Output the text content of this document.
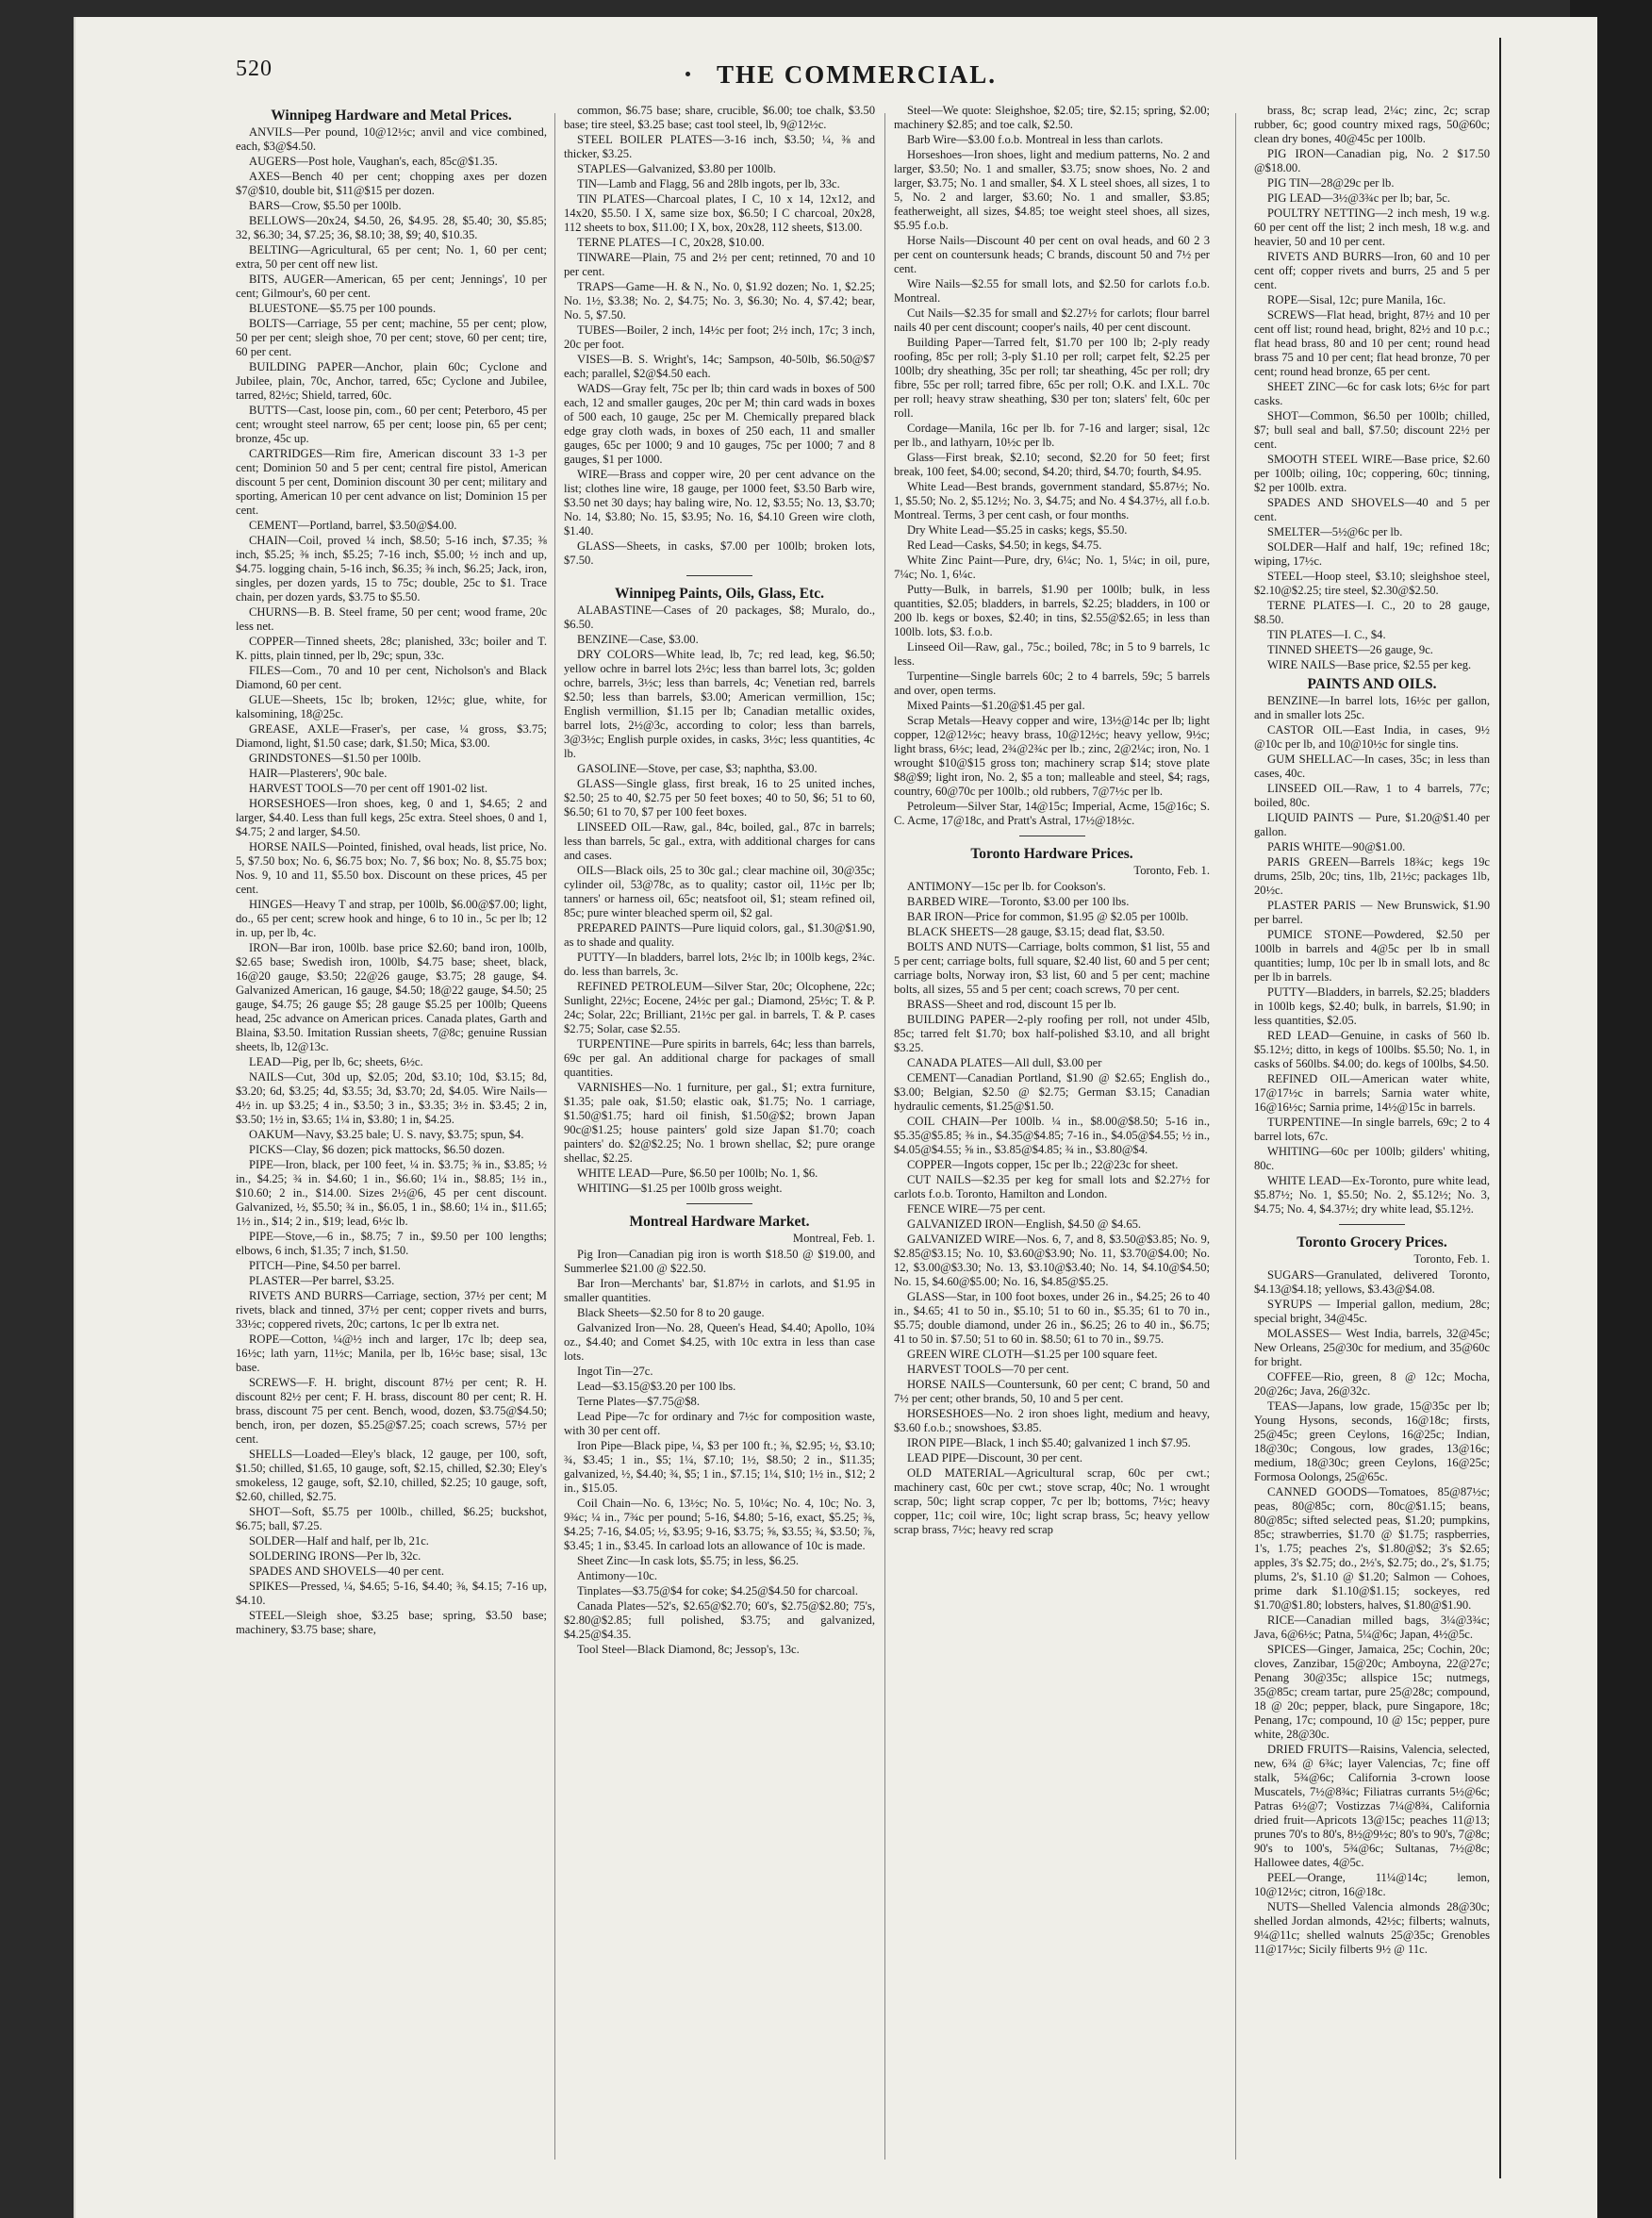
520	THE COMMERCIAL.
Winnipeg Hardware and Metal Prices.

ANVILS—Per pound, 10@12½c; anvil and vice combined, each, $3@$4.50.

AUGERS—Post hole, Vaughan's, each, 85c@$1.35.

AXES—Bench 40 per cent; chopping axes per dozen $7@$10, double bit, $11@$15 per dozen.

BARS—Crow, $5.50 per 100lb.

BELLOWS—20x24, $4.50, 26, $4.95. 28, $5.40; 30, $5.85; 32, $6.30; 34, $7.25; 36, $8.10; 38, $9; 40, $10.35.

BELTING—Agricultural, 65 per cent; No. 1, 60 per cent; extra, 50 per cent off new list.

BITS, AUGER—American, 65 per cent; Jennings', 10 per cent; Gilmour's, 60 per cent.

BLUESTONE—$5.75 per 100 pounds.

BOLTS—Carriage, 55 per cent; machine, 55 per cent; plow, 50 per per cent; sleigh shoe, 70 per cent; stove, 60 per cent; tire, 60 per cent.

BUILDING PAPER—Anchor, plain 60c; Cyclone and Jubilee, plain, 70c, Anchor, tarred, 65c; Cyclone and Jubilee, tarred, 82½c; Shield, tarred, 60c.

BUTTS—Cast, loose pin, com., 60 per cent; Peterboro, 45 per cent; wrought steel narrow, 65 per cent; loose pin, 65 per cent; bronze, 45c up.

CARTRIDGES—Rim fire, American discount 33 1-3 per cent; Dominion 50 and 5 per cent; central fire pistol, American discount 5 per cent, Dominion discount 30 per cent; military and sporting, American 10 per cent advance on list; Dominion 15 per cent.

CEMENT—Portland, barrel, $3.50@$4.00.

CHAIN—Coil, proved ¼ inch, $8.50; 5-16 inch, $7.35; ⅜ inch, $5.25; ⅜ inch, $5.25; 7-16 inch, $5.00; ½ inch and up, $4.75. logging chain, 5-16 inch, $6.35; ⅜ inch, $6.25; Jack, iron, singles, per dozen yards, 15 to 75c; double, 25c to $1. Trace chain, per dozen yards, $3.75 to $5.50.

CHURNS—B. B. Steel frame, 50 per cent; wood frame, 20c less net.

COPPER—Tinned sheets, 28c; planished, 33c; boiler and T. K. pitts, plain tinned, per lb, 29c; spun, 33c.

FILES—Com., 70 and 10 per cent, Nicholson's and Black Diamond, 60 per cent.

GLUE—Sheets, 15c lb; broken, 12½c; glue, white, for kalsomining, 18@25c.

GREASE, AXLE—Fraser's, per case, ¼ gross, $3.75; Diamond, light, $1.50 case; dark, $1.50; Mica, $3.00.

GRINDSTONES—$1.50 per 100lb.

HAIR—Plasterers', 90c bale.

HARVEST TOOLS—70 per cent off 1901-02 list.

HORSESHOES—Iron shoes, keg, 0 and 1, $4.65; 2 and larger, $4.40. Less than full kegs, 25c extra. Steel shoes, 0 and 1, $4.75; 2 and larger, $4.50.

HORSE NAILS—Pointed, finished, oval heads, list price, No. 5, $7.50 box; No. 6, $6.75 box; No. 7, $6 box; No. 8, $5.75 box; Nos. 9, 10 and 11, $5.50 box. Discount on these prices, 45 per cent.

HINGES—Heavy T and strap, per 100lb, $6.00@$7.00; light, do., 65 per cent; screw hook and hinge, 6 to 10 in., 5c per lb; 12 in. up, per lb, 4c.

IRON—Bar iron, 100lb. base price $2.60; band iron, 100lb, $2.65 base; Swedish iron, 100lb, $4.75 base; sheet, black, 16@20 gauge, $3.50; 22@26 gauge, $3.75; 28 gauge, $4. Galvanized American, 16 gauge, $4.50; 18@22 gauge, $4.50; 25 gauge, $4.75; 26 gauge $5; 28 gauge $5.25 per 100lb; Queens head, 25c advance on American prices. Canada plates, Garth and Blaina, $3.50. Imitation Russian sheets, 7@8c; genuine Russian sheets, lb, 12@13c.

LEAD—Pig, per lb, 6c; sheets, 6½c.

NAILS—Cut, 30d up, $2.05; 20d, $3.10; 10d, $3.15; 8d, $3.20; 6d, $3.25; 4d, $3.55; 3d, $3.70; 2d, $4.05. Wire Nails—4½ in. up $3.25; 4 in., $3.50; 3 in., $3.35; 3½ in. $3.45; 2 in, $3.50; 1½ in, $3.65; 1¼ in, $3.80; 1 in, $4.25.

OAKUM—Navy, $3.25 bale; U. S. navy, $3.75; spun, $4.

PICKS—Clay, $6 dozen; pick mattocks, $6.50 dozen.

PIPE—Iron, black, per 100 feet, ¼ in. $3.75; ⅜ in., $3.85; ½ in., $4.25; ¾ in. $4.60; 1 in., $6.60; 1¼ in., $8.85; 1½ in., $10.60; 2 in., $14.00. Sizes 2½@6, 45 per cent discount. Galvanized, ½, $5.50; ¾ in., $6.05, 1 in., $8.60; 1¼ in., $11.65; 1½ in., $14; 2 in., $19; lead, 6½c lb.

PIPE—Stove,—6 in., $8.75; 7 in., $9.50 per 100 lengths; elbows, 6 inch, $1.35; 7 inch, $1.50.

PITCH—Pine, $4.50 per barrel.

PLASTER—Per barrel, $3.25.

RIVETS AND BURRS—Carriage, section, 37½ per cent; M rivets, black and tinned, 37½ per cent; copper rivets and burrs, 33½c; coppered rivets, 20c; cartons, 1c per lb extra net.

ROPE—Cotton, ¼@½ inch and larger, 17c lb; deep sea, 16½c; lath yarn, 11½c; Manila, per lb, 16½c base; sisal, 13c base.

SCREWS—F. H. bright, discount 87½ per cent; R. H. discount 82½ per cent; F. H. brass, discount 80 per cent; R. H. brass, discount 75 per cent. Bench, wood, dozen, $3.75@$4.50; bench, iron, per dozen, $5.25@$7.25; coach screws, 57½ per cent.

SHELLS—Loaded—Eley's black, 12 gauge, per 100, soft, $1.50; chilled, $1.65, 10 gauge, soft, $2.15, chilled, $2.30; Eley's smokeless, 12 gauge, soft, $2.10, chilled, $2.25; 10 gauge, soft, $2.60, chilled, $2.75.

SHOT—Soft, $5.75 per 100lb., chilled, $6.25; buckshot, $6.75; ball, $7.25.

SOLDER—Half and half, per lb, 21c.

SOLDERING IRONS—Per lb, 32c.

SPADES AND SHOVELS—40 per cent.

SPIKES—Pressed, ¼, $4.65; 5-16, $4.40; ⅜, $4.15; 7-16 up, $4.10.

STEEL—Sleigh shoe, $3.25 base; spring, $3.50 base; machinery, $3.75 base; share,

common, $6.75 base; share, crucible, $6.00; toe chalk, $3.50 base; tire steel, $3.25 base; cast tool steel, lb, 9@12½c.

STEEL BOILER PLATES—3-16 inch, $3.50; ¼, ⅜ and thicker, $3.25.

STAPLES—Galvanized, $3.80 per 100lb.

TIN—Lamb and Flagg, 56 and 28lb ingots, per lb, 33c.

TIN PLATES—Charcoal plates, I C, 10 x 14, 12x12, and 14x20, $5.50. I X, same size box, $6.50; I C charcoal, 20x28, 112 sheets to box, $11.00; I X, box, 20x28, 112 sheets, $13.00.

TERNE PLATES—I C, 20x28, $10.00.

TINWARE—Plain, 75 and 2½ per cent; retinned, 70 and 10 per cent.

TRAPS—Game—H. & N., No. 0, $1.92 dozen; No. 1, $2.25; No. 1½, $3.38; No. 2, $4.75; No. 3, $6.30; No. 4, $7.42; bear, No. 5, $7.50.

TUBES—Boiler, 2 inch, 14½c per foot; 2½ inch, 17c; 3 inch, 20c per foot.

VISES—B. S. Wright's, 14c; Sampson, 40-50lb, $6.50@$7 each; parallel, $2@$4.50 each.

WADS—Gray felt, 75c per lb; thin card wads in boxes of 500 each, 12 and smaller gauges, 20c per M; thin card wads in boxes of 500 each, 10 gauge, 25c per M. Chemically prepared black edge gray cloth wads, in boxes of 250 each, 11 and smaller gauges, 65c per 1000; 9 and 10 gauges, 75c per 1000; 7 and 8 gauges, $1 per 1000.

WIRE—Brass and copper wire, 20 per cent advance on the list; clothes line wire, 18 gauge, per 1000 feet, $3.50 Barb wire, $3.50 net 30 days; hay baling wire, No. 12, $3.55; No. 13, $3.70; No. 14, $3.80; No. 15, $3.95; No. 16, $4.10 Green wire cloth, $1.40.

GLASS—Sheets, in casks, $7.00 per 100lb; broken lots, $7.50.

Winnipeg Paints, Oils, Glass, Etc.

ALABASTINE—Cases of 20 packages, $8; Muralo, do., $6.50.

BENZINE—Case, $3.00.

DRY COLORS—White lead, lb, 7c; red lead, keg, $6.50; yellow ochre in barrel lots 2½c; less than barrel lots, 3c; golden ochre, barrels, 3½c; less than barrels, 4c; Venetian red, barrels $2.50; less than barrels, $3.00; American vermillion, 15c; English vermillion, $1.15 per lb; Canadian metallic oxides, barrel lots, 2½@3c, according to color; less than barrels, 3@3½c; English purple oxides, in casks, 3½c; less quantities, 4c lb.

GASOLINE—Stove, per case, $3; naphtha, $3.00.

GLASS—Single glass, first break, 16 to 25 united inches, $2.50; 25 to 40, $2.75 per 50 feet boxes; 40 to 50, $6; 51 to 60, $6.50; 61 to 70, $7 per 100 feet boxes.

LINSEED OIL—Raw, gal., 84c, boiled, gal., 87c in barrels; less than barrels, 5c gal., extra, with additional charges for cans and cases.

OILS—Black oils, 25 to 30c gal.; clear machine oil, 30@35c; cylinder oil, 53@78c, as to quality; castor oil, 11½c per lb; tanners' or harness oil, 65c; neatsfoot oil, $1; steam refined oil, 85c; pure winter bleached sperm oil, $2 gal.

PREPARED PAINTS—Pure liquid colors, gal., $1.30@$1.90, as to shade and quality.

PUTTY—In bladders, barrel lots, 2½c lb; in 100lb kegs, 2¾c. do. less than barrels, 3c.

REFINED PETROLEUM—Silver Star, 20c; Olcophene, 22c; Sunlight, 22½c; Eocene, 24½c per gal.; Diamond, 25½c; T. & P. 24c; Solar, 22c; Brilliant, 21½c per gal. in barrels, T. & P. cases $2.75; Solar, case $2.55.

TURPENTINE—Pure spirits in barrels, 64c; less than barrels, 69c per gal. An additional charge for packages of small quantities.

VARNISHES—No. 1 furniture, per gal., $1; extra furniture, $1.35; pale oak, $1.50; elastic oak, $1.75; No. 1 carriage, $1.50@$1.75; hard oil finish, $1.50@$2; brown Japan 90c@$1.25; house painters' gold size Japan $1.70; coach painters' do. $2@$2.25; No. 1 brown shellac, $2; pure orange shellac, $2.25.

WHITE LEAD—Pure, $6.50 per 100lb; No. 1, $6.

WHITING—$1.25 per 100lb gross weight.

Montreal Hardware Market.
Montreal, Feb. 1.

Pig Iron—Canadian pig iron is worth $18.50 @ $19.00, and Summerlee $21.00 @ $22.50.

Bar Iron—Merchants' bar, $1.87½ in carlots, and $1.95 in smaller quantities.

Black Sheets—$2.50 for 8 to 20 gauge.

Galvanized Iron—No. 28, Queen's Head, $4.40; Apollo, 10¾ oz., $4.40; and Comet $4.25, with 10c extra in less than case lots.

Ingot Tin—27c.

Lead—$3.15@$3.20 per 100 lbs.

Terne Plates—$7.75@$8.

Lead Pipe—7c for ordinary and 7½c for composition waste, with 30 per cent off.

Iron Pipe—Black pipe, ¼, $3 per 100 ft.; ⅜, $2.95; ½, $3.10; ¾, $3.45; 1 in., $5; 1¼, $7.10; 1½, $8.50; 2 in., $11.35; galvanized, ½, $4.40; ¾, $5; 1 in., $7.15; 1¼, $10; 1½ in., $12; 2 in., $15.05.

Coil Chain—No. 6, 13½c; No. 5, 10¼c; No. 4, 10c; No. 3, 9¾c; ¼ in., 7¾c per pound; 5-16, $4.80; 5-16, exact, $5.25; ⅜, $4.25; 7-16, $4.05; ½, $3.95; 9-16, $3.75; ⅝, $3.55; ¾, $3.50; ⅞, $3.45; 1 in., $3.45. In carload lots an allowance of 10c is made.

Sheet Zinc—In cask lots, $5.75; in less, $6.25.

Antimony—10c.

Tinplates—$3.75@$4 for coke; $4.25@$4.50 for charcoal.

Canada Plates—52's, $2.65@$2.70; 60's, $2.75@$2.80; 75's, $2.80@$2.85; full polished, $3.75; and galvanized, $4.25@$4.35.

Tool Steel—Black Diamond, 8c; Jessop's, 13c.

Steel—We quote: Sleighshoe, $2.05; tire, $2.15; spring, $2.00; machinery $2.85; and toe calk, $2.50.

Barb Wire—$3.00 f.o.b. Montreal in less than carlots.

Horseshoes—Iron shoes, light and medium patterns, No. 2 and larger, $3.50; No. 1 and smaller, $3.75; snow shoes, No. 2 and larger, $3.75; No. 1 and smaller, $4. X L steel shoes, all sizes, 1 to 5, No. 2 and larger, $3.60; No. 1 and smaller, $3.85; featherweight, all sizes, $4.85; toe weight steel shoes, all sizes, $5.95 f.o.b.

Horse Nails—Discount 40 per cent on oval heads, and 60 2 3 per cent on countersunk heads; C brands, discount 50 and 7½ per cent.

Wire Nails—$2.55 for small lots, and $2.50 for carlots f.o.b. Montreal.

Cut Nails—$2.35 for small and $2.27½ for carlots; flour barrel nails 40 per cent discount; cooper's nails, 40 per cent discount.

Building Paper—Tarred felt, $1.70 per 100 lb; 2-ply ready roofing, 85c per roll; 3-ply $1.10 per roll; carpet felt, $2.25 per 100lb; dry sheathing, 35c per roll; tar sheathing, 45c per roll; dry fibre, 55c per roll; tarred fibre, 65c per roll; O.K. and I.X.L. 70c per roll; heavy straw sheathing, $30 per ton; slaters' felt, 60c per roll.

Cordage—Manila, 16c per lb. for 7-16 and larger; sisal, 12c per lb., and lathyarn, 10½c per lb.

Glass—First break, $2.10; second, $2.20 for 50 feet; first break, 100 feet, $4.00; second, $4.20; third, $4.70; fourth, $4.95.

White Lead—Best brands, government standard, $5.87½; No. 1, $5.50; No. 2, $5.12½; No. 3, $4.75; and No. 4 $4.37½, all f.o.b. Montreal. Terms, 3 per cent cash, or four months.

Dry White Lead—$5.25 in casks; kegs, $5.50.

Red Lead—Casks, $4.50; in kegs, $4.75.

White Zinc Paint—Pure, dry, 6¼c; No. 1, 5¼c; in oil, pure, 7¼c; No. 1, 6¼c.

Putty—Bulk, in barrels, $1.90 per 100lb; bulk, in less quantities, $2.05; bladders, in barrels, $2.25; bladders, in 100 or 200 lb. kegs or boxes, $2.40; in tins, $2.55@$2.65; in less than 100lb. lots, $3. f.o.b.

Linseed Oil—Raw, gal., 75c.; boiled, 78c; in 5 to 9 barrels, 1c less.

Turpentine—Single barrels 60c; 2 to 4 barrels, 59c; 5 barrels and over, open terms.

Mixed Paints—$1.20@$1.45 per gal.

Scrap Metals—Heavy copper and wire, 13½@14c per lb; light copper, 12@12½c; heavy brass, 10@12½c; heavy yellow, 9½c; light brass, 6½c; lead, 2¾@2¾c per lb.; zinc, 2@2¼c; iron, No. 1 wrought $10@$15 gross ton; machinery scrap $14; stove plate $8@$9; light iron, No. 2, $5 a ton; malleable and steel, $4; rags, country, 60@70c per 100lb.; old rubbers, 7@7½c per lb.

Petroleum—Silver Star, 14@15c; Imperial, Acme, 15@16c; S. C. Acme, 17@18c, and Pratt's Astral, 17½@18½c.

Toronto Hardware Prices.
Toronto, Feb. 1.

ANTIMONY—15c per lb. for Cookson's.

BARBED WIRE—Toronto, $3.00 per 100 lbs.

BAR IRON—Price for common, $1.95 @ $2.05 per 100lb.

BLACK SHEETS—28 gauge, $3.15; dead flat, $3.50.

BOLTS AND NUTS—Carriage, bolts common, $1 list, 55 and 5 per cent; carriage bolts, full square, $2.40 list, 60 and 5 per cent; carriage bolts, Norway iron, $3 list, 60 and 5 per cent; machine bolts, all sizes, 55 and 5 per cent; coach screws, 70 per cent.

BRASS—Sheet and rod, discount 15 per lb.

BUILDING PAPER—2-ply roofing per roll, not under 45lb, 85c; tarred felt $1.70; box half-polished $3.10, and all bright $3.25.

CANADA PLATES—All dull, $3.00 per

CEMENT—Canadian Portland, $1.90 @ $2.65; English do., $3.00; Belgian, $2.50 @ $2.75; German $3.15; Canadian hydraulic cements, $1.25@$1.50.

COIL CHAIN—Per 100lb. ¼ in., $8.00@$8.50; 5-16 in., $5.35@$5.85; ⅜ in., $4.35@$4.85; 7-16 in., $4.05@$4.55; ½ in., $4.05@$4.55; ⅝ in., $3.85@$4.85; ¾ in., $3.80@$4.

COPPER—Ingots copper, 15c per lb.; 22@23c for sheet.

CUT NAILS—$2.35 per keg for small lots and $2.27½ for carlots f.o.b. Toronto, Hamilton and London.

FENCE WIRE—75 per cent.

GALVANIZED IRON—English, $4.50 @ $4.65.

GALVANIZED WIRE—Nos. 6, 7, and 8, $3.50@$3.85; No. 9, $2.85@$3.15; No. 10, $3.60@$3.90; No. 11, $3.70@$4.00; No. 12, $3.00@$3.30; No. 13, $3.10@$3.40; No. 14, $4.10@$4.50; No. 15, $4.60@$5.00; No. 16, $4.85@$5.25.

GLASS—Star, in 100 foot boxes, under 26 in., $4.25; 26 to 40 in., $4.65; 41 to 50 in., $5.10; 51 to 60 in., $5.35; 61 to 70 in., $5.75; double diamond, under 26 in., $6.25; 26 to 40 in., $6.75; 41 to 50 in. $7.50; 51 to 60 in. $8.50; 61 to 70 in., $9.75.

GREEN WIRE CLOTH—$1.25 per 100 square feet.

HARVEST TOOLS—70 per cent.

HORSE NAILS—Countersunk, 60 per cent; C brand, 50 and 7½ per cent; other brands, 50, 10 and 5 per cent.

HORSESHOES—No. 2 iron shoes light, medium and heavy, $3.60 f.o.b.; snowshoes, $3.85.

IRON PIPE—Black, 1 inch $5.40; galvanized 1 inch $7.95.

LEAD PIPE—Discount, 30 per cent.

OLD MATERIAL—Agricultural scrap, 60c per cwt.; machinery cast, 60c per cwt.; stove scrap, 40c; No. 1 wrought scrap, 50c; light scrap copper, 7c per lb; bottoms, 7½c; heavy copper, 11c; coil wire, 10c; light scrap brass, 5c; heavy yellow scrap brass, 7½c; heavy red scrap

brass, 8c; scrap lead, 2¼c; zinc, 2c; scrap rubber, 6c; good country mixed rags, 50@60c; clean dry bones, 40@45c per 100lb.

PIG IRON—Canadian pig, No. 2 $17.50 @$18.00.

PIG TIN—28@29c per lb.

PIG LEAD—3½@3¾c per lb; bar, 5c.

POULTRY NETTING—2 inch mesh, 19 w.g. 60 per cent off the list; 2 inch mesh, 18 w.g. and heavier, 50 and 10 per cent.

RIVETS AND BURRS—Iron, 60 and 10 per cent off; copper rivets and burrs, 25 and 5 per cent.

ROPE—Sisal, 12c; pure Manila, 16c.

SCREWS—Flat head, bright, 87½ and 10 per cent off list; round head, bright, 82½ and 10 p.c.; flat head brass, 80 and 10 per cent; round head brass 75 and 10 per cent; flat head bronze, 70 per cent; round head bronze, 65 per cent.

SHEET ZINC—6c for cask lots; 6½c for part casks.

SHOT—Common, $6.50 per 100lb; chilled, $7; bull seal and ball, $7.50; discount 22½ per cent.

SMOOTH STEEL WIRE—Base price, $2.60 per 100lb; oiling, 10c; coppering, 60c; tinning, $2 per 100lb. extra.

SPADES AND SHOVELS—40 and 5 per cent.

SMELTER—5½@6c per lb.

SOLDER—Half and half, 19c; refined 18c; wiping, 17½c.

STEEL—Hoop steel, $3.10; sleighshoe steel, $2.10@$2.25; tire steel, $2.30@$2.50.

TERNE PLATES—I. C., 20 to 28 gauge, $8.50.

TIN PLATES—I. C., $4.

TINNED SHEETS—26 gauge, 9c.

WIRE NAILS—Base price, $2.55 per keg.

PAINTS AND OILS.

BENZINE—In barrel lots, 16½c per gallon, and in smaller lots 25c.

CASTOR OIL—East India, in cases, 9½ @10c per lb, and 10@10½c for single tins.

GUM SHELLAC—In cases, 35c; in less than cases, 40c.

LINSEED OIL—Raw, 1 to 4 barrels, 77c; boiled, 80c.

LIQUID PAINTS — Pure, $1.20@$1.40 per gallon.

PARIS WHITE—90@$1.00.

PARIS GREEN—Barrels 18¾c; kegs 19c drums, 25lb, 20c; tins, 1lb, 21½c; packages 1lb, 20½c.

PLASTER PARIS — New Brunswick, $1.90 per barrel.

PUMICE STONE—Powdered, $2.50 per 100lb in barrels and 4@5c per lb in small quantities; lump, 10c per lb in small lots, and 8c per lb in barrels.

PUTTY—Bladders, in barrels, $2.25; bladders in 100lb kegs, $2.40; bulk, in barrels, $1.90; in less quantities, $2.05.

RED LEAD—Genuine, in casks of 560 lb. $5.12½; ditto, in kegs of 100lbs. $5.50; No. 1, in casks of 560lbs. $4.00; do. kegs of 100lbs, $4.50.

REFINED OIL—American water white, 17@17½c in barrels; Sarnia water white, 16@16½c; Sarnia prime, 14½@15c in barrels.

TURPENTINE—In single barrels, 69c; 2 to 4 barrel lots, 67c.

WHITING—60c per 100lb; gilders' whiting, 80c.

WHITE LEAD—Ex-Toronto, pure white lead, $5.87½; No. 1, $5.50; No. 2, $5.12½; No. 3, $4.75; No. 4, $4.37½; dry white lead, $5.12½.

Toronto Grocery Prices.
Toronto, Feb. 1.

SUGARS—Granulated, delivered Toronto, $4.13@$4.18; yellows, $3.43@$4.08.

SYRUPS — Imperial gallon, medium, 28c; special bright, 34@45c.

MOLASSES— West India, barrels, 32@45c; New Orleans, 25@30c for medium, and 35@60c for bright.

COFFEE—Rio, green, 8 @ 12c; Mocha, 20@26c; Java, 26@32c.

TEAS—Japans, low grade, 15@35c per lb; Young Hysons, seconds, 16@18c; firsts, 25@45c; green Ceylons, 16@25c; Indian, 18@30c; Congous, low grades, 13@16c; medium, 18@30c; green Ceylons, 16@25c; Formosa Oolongs, 25@65c.

CANNED GOODS—Tomatoes, 85@87½c; peas, 80@85c; corn, 80c@$1.15; beans, 80@85c; sifted selected peas, $1.20; pumpkins, 85c; strawberries, $1.70 @ $1.75; raspberries, 1's, 1.75; peaches 2's, $1.80@$2; 3's $2.65; apples, 3's $2.75; do., 2½'s, $2.75; do., 2's, $1.75; plums, 2's, $1.10 @ $1.20; Salmon — Cohoes, prime dark $1.10@$1.15; sockeyes, red $1.70@$1.80; lobsters, halves, $1.80@$1.90.

RICE—Canadian milled bags, 3¼@3¾c; Java, 6@6½c; Patna, 5¼@6c; Japan, 4½@5c.

SPICES—Ginger, Jamaica, 25c; Cochin, 20c; cloves, Zanzibar, 15@20c; Amboyna, 22@27c; Penang 30@35c; allspice 15c; nutmegs, 35@85c; cream tartar, pure 25@28c; compound, 18 @ 20c; pepper, black, pure Singapore, 18c; Penang, 17c; compound, 10 @ 15c; pepper, pure white, 28@30c.

DRIED FRUITS—Raisins, Valencia, selected, new, 6¾ @ 6¾c; layer Valencias, 7c; fine off stalk, 5¾@6c; California 3-crown loose Muscatels, 7½@8¾c; Filiatras currants 5½@6c; Patras 6½@7; Vostizzas 7¼@8¾, California dried fruit—Apricots 13@15c; peaches 11@13; prunes 70's to 80's, 8½@9½c; 80's to 90's, 7@8c; 90's to 100's, 5¾@6c; Sultanas, 7½@8c; Hallowee dates, 4@5c.

PEEL—Orange, 11¼@14c; lemon, 10@12½c; citron, 16@18c.

NUTS—Shelled Valencia almonds 28@30c; shelled Jordan almonds, 42½c; filberts; walnuts, 9¼@11c; shelled walnuts 25@35c; Grenobles 11@17½c; Sicily filberts 9½ @ 11c.
